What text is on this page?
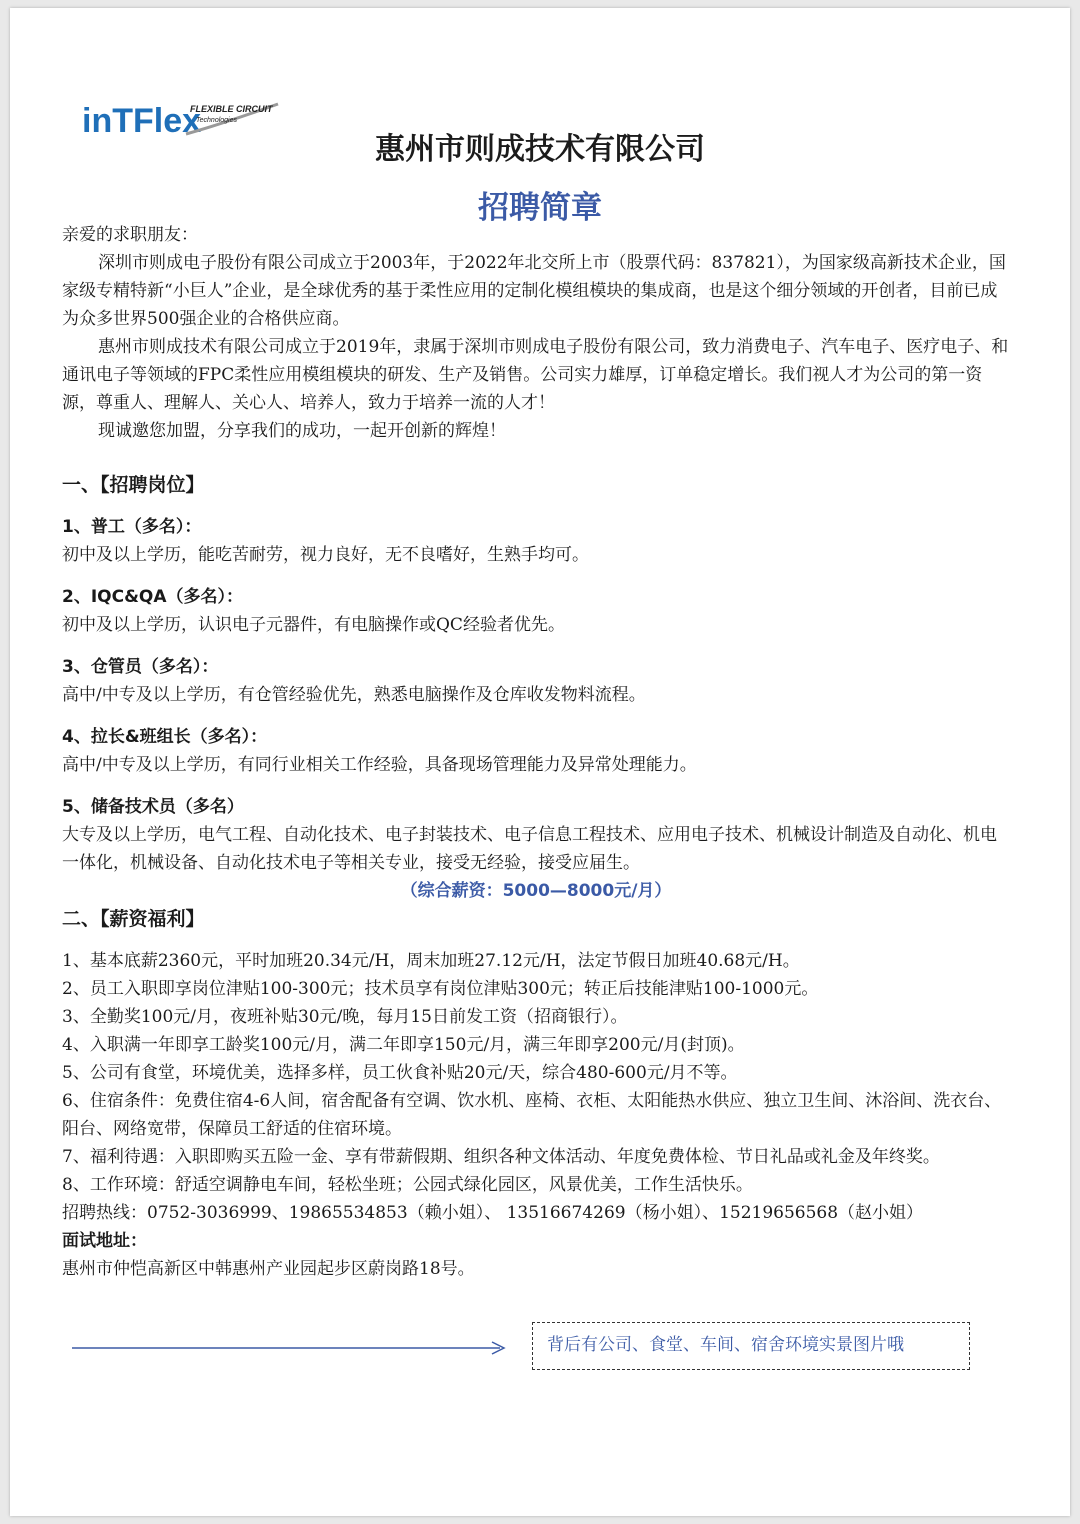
inTFlex
FLEXIBLE CIRCUIT
Technologies
惠州市则成技术有限公司
招聘简章

亲爱的求职朋友：

深圳市则成电子股份有限公司成立于2003年，于2022年北交所上市（股票代码：837821），为国家级高新技术企业，国家级专精特新“小巨人”企业，是全球优秀的基于柔性应用的定制化模组模块的集成商，也是这个细分领域的开创者，目前已成为众多世界500强企业的合格供应商。

惠州市则成技术有限公司成立于2019年，隶属于深圳市则成电子股份有限公司，致力消费电子、汽车电子、医疗电子、和通讯电子等领域的FPC柔性应用模组模块的研发、生产及销售。公司实力雄厚，订单稳定增长。我们视人才为公司的第一资源，尊重人、理解人、关心人、培养人，致力于培养一流的人才！

现诚邀您加盟，分享我们的成功，一起开创新的辉煌！

一、【招聘岗位】

1、普工（多名）：

初中及以上学历，能吃苦耐劳，视力良好，无不良嗜好，生熟手均可。

2、IQC&QA（多名）：

初中及以上学历，认识电子元器件，有电脑操作或QC经验者优先。

3、仓管员（多名）：

高中/中专及以上学历，有仓管经验优先，熟悉电脑操作及仓库收发物料流程。

4、拉长&班组长（多名）：

高中/中专及以上学历，有同行业相关工作经验，具备现场管理能力及异常处理能力。

5、储备技术员（多名）

大专及以上学历，电气工程、自动化技术、电子封装技术、电子信息工程技术、应用电子技术、机械设计制造及自动化、机电一体化，机械设备、自动化技术电子等相关专业，接受无经验，接受应届生。

（综合薪资：5000—8000元/月）

二、【薪资福利】

1、基本底薪2360元，平时加班20.34元/H，周末加班27.12元/H，法定节假日加班40.68元/H。

2、员工入职即享岗位津贴100-300元；技术员享有岗位津贴300元；转正后技能津贴100-1000元。

3、全勤奖100元/月，夜班补贴30元/晚，每月15日前发工资（招商银行）。

4、入职满一年即享工龄奖100元/月，满二年即享150元/月，满三年即享200元/月(封顶)。

5、公司有食堂，环境优美，选择多样，员工伙食补贴20元/天，综合480-600元/月不等。

6、住宿条件：免费住宿4-6人间，宿舍配备有空调、饮水机、座椅、衣柜、太阳能热水供应、独立卫生间、沐浴间、洗衣台、阳台、网络宽带，保障员工舒适的住宿环境。

7、福利待遇：入职即购买五险一金、享有带薪假期、组织各种文体活动、年度免费体检、节日礼品或礼金及年终奖。

8、工作环境：舒适空调静电车间，轻松坐班；公园式绿化园区，风景优美，工作生活快乐。

招聘热线：0752-3036999、19865534853（赖小姐）、 13516674269（杨小姐）、15219656568（赵小姐）

面试地址：

惠州市仲恺高新区中韩惠州产业园起步区蔚岗路18号。

背后有公司、食堂、车间、宿舍环境实景图片哦
